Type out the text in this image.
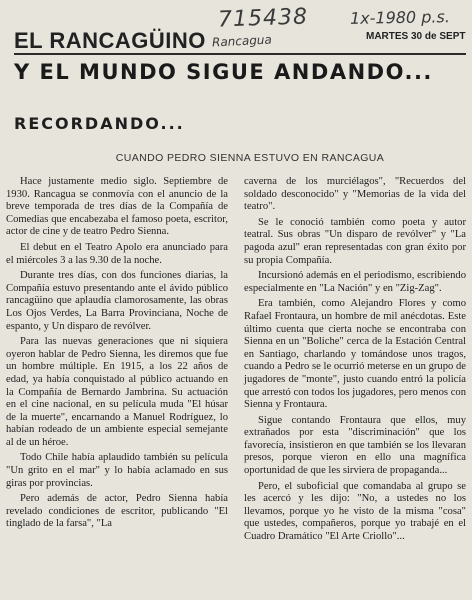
EL RANCAGÜINO
715438	1x-1980 p.s.
Rancagua	MARTES 30 de SEPT
Y EL MUNDO SIGUE ANDANDO...
RECORDANDO...
CUANDO PEDRO SIENNA ESTUVO EN RANCAGUA

Hace justamente medio siglo. Septiembre de 1930. Rancagua se conmovía con el anuncio de la breve temporada de tres días de la Compañía de Comedias que encabezaba el famoso poeta, escritor, actor de cine y de teatro Pedro Sienna.

El debut en el Teatro Apolo era anunciado para el miércoles 3 a las 9.30 de la noche.

Durante tres días, con dos funciones diarias, la Compañía estuvo presentando ante el ávido público rancagüino que aplaudía clamorosamente, las obras Los Ojos Verdes, La Barra Provinciana, Noche de espanto, y Un disparo de revólver.

Para las nuevas generaciones que ni siquiera oyeron hablar de Pedro Sienna, les diremos que fue un hombre múltiple. En 1915, a los 22 años de edad, ya había conquistado al público actuando en la Compañía de Bernardo Jambrina. Su actuación en el cine nacional, en su película muda "El húsar de la muerte", encarnando a Manuel Rodríguez, lo habían rodeado de un ambiente especial semejante al de un héroe.

Todo Chile había aplaudido también su película "Un grito en el mar" y lo había aclamado en sus giras por provincias.

Pero además de actor, Pedro Sienna había revelado condiciones de escritor, publicando "El tinglado de la farsa", "La

caverna de los murciélagos", "Recuerdos del soldado desconocido" y "Memorias de la vida del teatro".

Se le conoció también como poeta y autor teatral. Sus obras "Un disparo de revólver" y "La pagoda azul" eran representadas con gran éxito por su propia Compañía.

Incursionó además en el periodismo, escribiendo especialmente en "La Nación" y en "Zig-Zag".

Era también, como Alejandro Flores y como Rafael Frontaura, un hombre de mil anécdotas. Este último cuenta que cierta noche se encontraba con Sienna en un "Boliche" cerca de la Estación Central en Santiago, charlando y tomándose unos tragos, cuando a Pedro se le ocurrió meterse en un grupo de jugadores de "monte", justo cuando entró la policía que arrestó con todos los jugadores, pero menos con Sienna y Frontaura.

Sigue contando Frontaura que ellos, muy extrañados por esta "discriminación" que los favorecía, insistieron en que también se los llevaran presos, porque vieron en ello una magnífica oportunidad de que les sirviera de propaganda...

Pero, el suboficial que comandaba al grupo se les acercó y les dijo: "No, a ustedes no los llevamos, porque yo he visto de la misma "cosa" que ustedes, compañeros, porque yo trabajé en el Cuadro Dramático "El Arte Criollo"...
